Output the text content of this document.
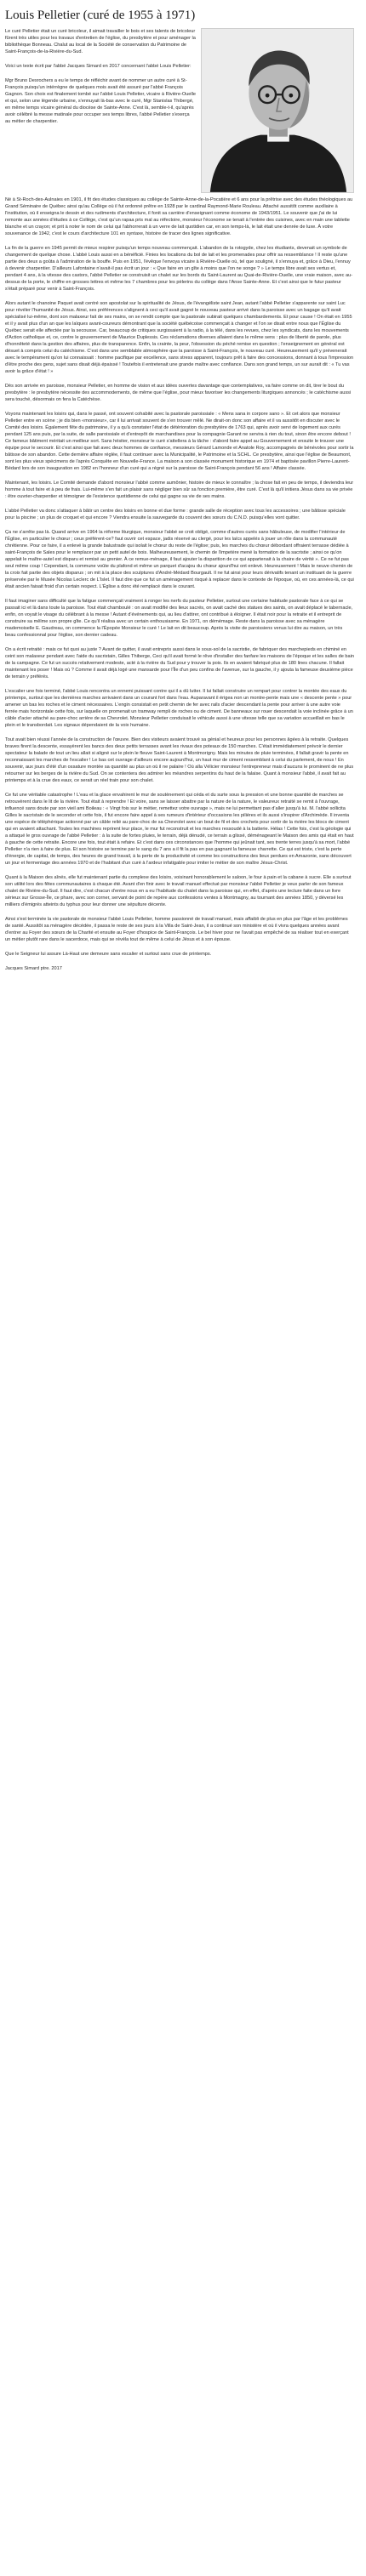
Louis Pelletier (curé de 1955 à 1971)

Le curé Pelletier était un curé bricoleur, il aimait travailler le bois et ses talents de bricoleur fûrent très utiles pour les travaux d'entretien de l'église, du presbytère et pour aménager la bibliothèque Bonneau. Chalut au local de la Société de conservation du Patrimoine de Saint-François-de-la-Rivière-du-Sud.

Voici un texte écrit par l'abbé Jacques Simard en 2017 concernant l'abbé Louis Pelletier:

Mgr Bruno Desrochers a eu le temps de réfléchir avant de nommer un autre curé à St-François puisqu'un intérrègne de quelques mois avait été assuré par l'abbé François Gagnon. Son choix est finalement tombé sur l'abbé Louis Pelletier, vicaire à Rivière-Ouelle et qui, selon une légende urbaine, s'ennuyait là-bas avec le curé, Mgr Stanislas Thibergé, en même temps vicaire général du diocèse de Sainte-Anne. C'est là, semble-t-il, qu'après avoir célébré la messe matinale pour occuper ses temps libres, l'abbé Pelletier s'exerça au métier de charpentier.

Né à St-Roch-des-Aulnaies en 1901, il fit des études classiques au collège de Sainte-Anne-de-la-Pocatière et 6 ans pour la prêtrise avec des études théologiques au Grand Séminaire de Québec ainsi qu'au Collège où il fut ordonné prêtre en 1928 par le cardinal Raymond-Marie Rouleau. Attaché aussitôt comme auxiliaire à l'institution, où il enseigna le dessin et des rudiments d'architecture, il fonit sa carrière d'enseignant comme économe de 1943/1951. Le souvenir que j'ai de lui remonte aux années d'études à ce Collège, c'est qu'un rapaa pris mal au réfectoire, monsieur l'économe se tenait à l'entrée des cuisines, avec en main une tablette blanche et un crayon; et prit à noter le nom de celui qui l'abhorrerait à un verre de lait quotidien car, en son temps-là, le lait était une denrée de luxe. À votre souvenance de 1942, c'est le cours d'architecture 101 en syntaxe, histoire de tracer des lignes significative.

La fin de la guerre en 1945 permit de mieux respirer puisqu'un temps nouveau commençait. L'abandon de la rotogyde, chez les étudiants, devenait un symbole de changement de quelque chose. L'abbé Louis aussi en a bénéficié. Finies les locations du bol de lait et les promenades pour offrir sa ressemblance ! Il reste qu'une partie des deux a goûta à l'admiration de la bouffe. Puis en 1951, l'évêque l'envoya vicaire à Rivière-Ouelle où, tel que souligné, il s'ennuya et, grâce à Dieu, l'ennuy à devenir charpentier. D'ailleurs Lafontaine n'avait-il pas écrit un jour : « Que faire en un gîte à moins que l'on ne songe ? » Le temps libre avait ses vertus et, pendant 4 ans, à la vitesse des castors, l'abbé Pelletier se construisit un chalet sur les bords du Saint-Laurent au Quai-de-Rivière-Ouelle, une vraie maison, avec au-dessus de la porte, le chiffre en grosses lettres et même les 7 chambres pour les pèlerins du collège dans l'Anse Sainte-Anne. Et c'est ainsi que le futur pasteur s'était préparé pour venir à Saint-François.

Alors autant le chanoine Paquet avait centré son apostolat sur la spiritualité de Jésus, de l'évangéliste saint Jean, autant l'abbé Pelletier s'apparente sur saint Luc pour révéler l'humanité de Jésus. Ainsi, ses préférences s'alignent à ceci qu'il avait gagné le nouveau pasteur arrivé dans la paroisse avec un bagage qu'il avait spécialisé lui-même, dont son malaxeur fait de ses mains, on se rendit compte que la pastorale subirait quelques chambardements. Et pour cause ! On était en 1955 et il y avait plus d'un an que les laïques avant-coureurs démontrant que la société québécoise commençait à changer et l'on se disait entre nous que l'Église du Québec serait elle affectée par la secousse. Car, beaucoup de critiques surgissaient à la radio, à la télé, dans les revues, chez les syndicats, dans les mouvements d'Action catholique et, ce, contre le gouvernement de Maurice Duplessis. Ces réclamations diverses allaient dans le même sens : plus de liberté de parole, plus d'honnêteté dans la gestion des affaires, plus de transparence. Enfin, la crainte, la peur, l'obsession du péché remise en question ; l'enseignement en général est désuet à compris celui du catéchisme. C'est dans une semblable atmosphère que la paroisse à Saint-François, le nouveau curé. Heureusement qu'il y prévenerait avec le tempérament qu'on lui connaissait : homme pacifique par excellence, sans stress apparent, toujours prêt à faire des concessions, donnant à tous l'impression d'être proche des gens, sujet sans disait déjà épaissé ! Toutefois il entretenait une grande maître avec confiance. Dans son grand temps, un sur aurait dit : « Tu vas avoir la grâce d'état ! »

Dès son arrivée en paroisse, monsieur Pelletier, en homme de vision et aux idées ouvertes davantage que contemplatives, va faire comme on dit, tirer le bout du presbytère : le presbytère nécessite des accommodements, de même que l'église, pour mieux favoriser les changements liturgiques annoncés ; le catéchisme aussi sera touché, désormais on fera la Catéchèse.

Voyons maintenant les loisirs qui, dans le passé, ont souvent cohabité avec la pastorale paroissiale : « Mens sana in corpore sano ». Et cet alors que monsieur Pelletier entre en scène ; je dis bien «monsieur», car il lui arrivait souvent de s'en trouver mêlé. Ne dirait-on donc son affaire et il va aussitôt en discuter avec le Comité des loisirs. Également fête du patrimoine, il y a qu'à constater l'état de détérioration du presbytère de 1763 qui, après avoir servi de logement aux curés pendant 125 ans puis, par la suite, de salle paroissiale et d'entrepôt de marchandises pour la compagnie Garant ne servira à rien du tout, sinon être encore debout ! Ce fameux bâtiment méritait un meilleur sort. Sans hésiter, monsieur le curé s'attellera à la tâche : d'abord faire appel au Gouvernement et ensuite le trouver une équipe pour le secourir. Et c'est ainsi que fait avec deux hommes de confiance, messieurs Gérard Lamonde et Anatole Roy, accompagnés de bénévoles pour sortir la bâtisse de son abandon. Cette dernière affaire réglée, il faut continuer avec la Municipalité, le Patrimoine et la SCHL. Ce presbytère, ainsi que l'église de Beaumont, sont les plus vieux spécimens de l'après Conquête en Nouvelle-France. La maison a son classée monument historique en 1974 et baptisée pavillon Pierre-Laurent-Bédard lors de son inauguration en 1982 en l'honneur d'un curé qui a régné sur la paroisse de Saint-François pendant 56 ans ! Affaire classée.

Maintenant, les loisirs. Le Comité demande d'abord monsieur l'abbé comme aumônier, histoire de mieux le connaître ; la chose fait en peu de temps, il deviendra leur homme à tout faire et à peu de frais. Lui-même s'en fait un plaisir sans négliger bien sûr sa fonction première, être curé. C'est là qu'il initiera Jésus dans sa vie privée : être ouvrier-charpentier et témoigner de l'existence quotidienne de celui qui gagne sa vie de ses mains.

L'abbé Pelletier va donc s'attaquer à bâtir un centre des loisirs en bonne et due forme : grande salle de réception avec tous les accessoires ; une bâtisse spéciale pour la piscine ; un plus de croquet et qui encore ? Viendra ensuite la sauvegarde du couvent des sœurs du C.N.D. puisqu'elles vont quitter.

Ça ne s'arrête pas là. Quand arrive en 1964 la réforme liturgique, monsieur l'abbé se croit obligé, comme d'autres curés sans hâbuleuse, de modifier l'intérieur de l'Église, en particulier le chœur ; ceux préférent-ce? faut ouvrir cet espace, jadis réservé au clergé, pour les laïcs appelés à jouer un rôle dans la communauté chrétienne. Pour ce faire, il a enlevé la grande balustrade qui isolait le chœur du reste de l'église; puis, les marches du chœur débordant offraient terrasse dédiée à saint-François de Sales pour le remplacer par un petit autel de bois. Malheureusement, le chemin de l'impetère mené la formation de la sacristie ; ainsi ce qu'on appelait le maître-autel est disparu et remisé au grenier. À ce remue-ménage, il faut ajouter la disparition de ce qui appartenait à la chaire de vérité ». Ce ne fut pas seul même coup ! Cependant, la commune voûte du plafond et même un parquet d'acajou du chœur ajourd'hui ont enlevé. Heureusement ! Mais le neuve chemin de la croix fait partie des objets disparus ; on mit à la place des sculptures d'André-Médard Bourgault. Il ne fut ainsi pour leurs dérivatifs tenant un instituant de la guerre préservée par le Musée Nicolas Leclerc de L'Islet. Il faut dire que ce fut un aménagement risqué à replacer dans le contexte de l'époque, où, en ces années-là, ce qui était ancien faisait froid d'un certain respect. L'Église a donc été remplacé dans le courant.

Il faut imaginer sans difficulté que la fatigue commençait vraiment à ronger les nerfs du pasteur Pelletier, surtout une certaine habitude pastorale face à ce qui se passait ici et là dans toute la paroisse. Tout était chamboulé : on avait modifié des lieux sacrés, on avait caché des statues des saints, on avait déplacé le tabernacle, enfin, on voyait le visage du célébrant à la messe ! Autant d'événements qui, au lieu d'attirer, ont contribué à éloigner. Il était noir pour la retraite et il entreprit de construire sa mêlme son propre gîte. Ce qu'il réalisa avec un certain enthousiasme. En 1971, on démémage. Reste dans la paroisse avec sa ménagère mademoiselle E. Gaudreau, on commence la l'Épopée Monsieur le curé ! Le lait en dit beaucoup. Après la visite de paroissiens venus lui dire au maison, un très beau confessionnal pour l'église, son dernier cadeau.

On a écrit retraité : mais ce fut quoi au juste ? Avant de quitter, il avait entrepris aussi dans le sous-sol de la sacristie, de fabriquer des marchepieds en chiminé en ceint son malaxeur pendant avec l'aide du sacristain, Gilles Thiberge, Ceci qu'il avait formé le rêve d'installer des fanfare les maisons de l'époque et les salles de bain de la campagne. Ce fut un succès relativement modeste, acté à la rivière du Sud pour y trouver la pois. Ils en avaient fabriqué plus de 180 lines chacune. Il fallait maintenant les poser ! Mais où ? Comme il avait déjà logé une mansarde pour l'Île d'un peu confins de l'avenue, sur la gauche, il y ajouta la fameuse deuxième pièce de terrain y préférés.

L'escalier une fois terminé, l'abbé Louis rencontra un ennemi puissant contre qui il a dû lutter. Il lui fallait construire un rempart pour contrer la montée des eaux du printemps, surtout que les dernières marches arrivaient dans un courant fort dans l'eau. Auparavant il érigea non un montre-pente mais une « descente pente » pour amener un bas les roches et le ciment nécessaires. L'engin consistait en petit chemin de fer avec rails d'acier descendant la pente pour arriver à une autre voie ferrée mais horizontale cette fois, sur laquelle on promenait un tramway rempli de roches ou de ciment. De banneaux sur rouer descendait la voie inclinée grâce à un câble d'acier attaché au pare-choc arrière de sa Chevrolet. Monsieur Pelletier conduisait le véhicule aussi à une vitesse telle que sa variation accueillait en bas le plein et le transbordait. Les signaux dépendaient de la voix humaine.

Tout avait bien réussi l'année de la construction de l'œuvre. Bien des visiteurs avaient trouvé sa génial et heureux pour les personnes âgées à la retraite. Quelques braves firent la descente, essayèrent les bancs des deux petits terrasses avant les rivaux des poteaux de 150 marches. C'était immédiatement prévoir le dernier spectateur la balade de tout un lieu allait si aligné sur le plein le fleuve Saint-Laurent à Montmorigny. Mais les minutes de pluie terminées, il fallait gravir la pente en reconnaissant les marches de l'escalier ! Le bas cet ouvrage d'ailleurs encore aujourd'hui, un haut mur de ciment ressemblant à celui du parlement, de nous ! En souvenir, aux jours d'été d'un ossature montée sa quantité au plus un où il ne palaire ! Où alla Vélicier monsieur l'entrepreneur mais d'aucuns le prominent de ne plus retourner sur les berges de la rivière du Sud. On se contentera des admirer les méandres serpentins du haut de la falaise. Quant à monsieur l'abbé, il avait fait au printemps et à la crue des eaux, ce serait un réel train pour son chalet.

Ce fut une véritable catastrophe ! L'eau et la glace envahirent le mur de soutènement qui céda et du surte sous la pression et une bonne quantité de marches se retrouvèrent dans le lit de la rivière. Tout était à reprendre ! Et voire, sans se laisser abattre par la nature de la nature, le valeureux retraité se remit à l'ouvrage, influencé sans doute par son vieil ami Boileau : « Vingt fois sur le métier, remettez votre ouvrage », mais ne lui permettant pas d'aller jusqu'à lui. M. l'abbé sollicita Gilles le sacristain de le seconder et cette fois, il fut encore faire appel à ses rumeurs d'intérieur d'occasions les pilières et ils aussi s'inspirer d'Archimède. Il inventa une espèce de téléphérique actionné par un câble relié au pare-choc de sa Chevrolet avec un bout de fil et des crochets pour sortir de la rivière les blocs de ciment qui en avaient attachant. Toutes les machines reprirent leur place, le mur fut reconstruit et les marches ressoudé à la batterie. Hélas ! Cette fois, c'est la géologie qui a attaqué le gros ouvrage de l'abbé Pelletier : à la suite de fortes pluies, le terrain, déjà dénudé, ce terrain a glissé, déménageant le Maison des amis qui était en haut à gauche de cette retraite. Encore une fois, tout était à refaire. Et c'est dans ces circonstances que l'homme qui jeûnait tant, ses trente terres jusqu'à sa mort, l'abbé Pelletier n'a rien à faire de plus. Et son histoire se termine par le sang du 7 ans a il fit la pas en pas gagnant la fameuse charrette. Ce qui est triste, c'est la perte d'énergie, de capital, de temps, des heures de grand travail, à la perte de la productivité et comme les constructions des lieux perdues en Amazonie, sans découvert un jour et fermentage des années 1970 et de l'habitant d'un curé à l'ardeur infatigable pour imiter le métier de son maître Jésus-Christ.

Quant à la Maison des aînés, elle fut maintenant partie du complexe des loisirs, voisinant honorablement le saloon, le four à pain et la cabane à sucre. Elle a surtout son utilité lors des fêtes communautaires à chaque été. Avant d'en finir avec le travail manuel effectué par monsieur l'abbé Pelletier je veux parler de son fameux chalet de Rivière-du-Sud. Il faut dire, c'est chacun d'entre nous en a eu l'habitude du chalet dans la paroisse qui, en effet, d'après une lecture faite dans un livre sérieux sur Grosse-Île, ce phare, avec son corner, servant de point de repère aux confessions ventes à Montmagny, au tournant des années 1850, y déversé les milliers d'émigrés atteints du typhus pour leur donner une sépulture décente.

Ainsi s'est terminée la vie pastorale de monsieur l'abbé Louis Pelletier, homme passionné de travail manuel, mais affaibli de plus en plus par l'âge et les problèmes de santé. Aussitôt sa ménagère décédée, il passa le reste de ses jours à la Villa de Saint-Jean, il a continué son ministère et où il vivra quelques années avant d'entrer au Foyer des sœurs de la Charité et ensuite au Foyer d'hospice de Saint-François. Le bel hiver pour ne l'avait pas empêché de sa réaliser tout en exerçant un métier plutôt rare dans le sacerdoce, mais qui se révéla tout de même à celui de Jésus et à son épouse.

Que le Seigneur lui assure Là-Haut une demeure sans escalier et surtout sans crue de printemps.

Jacques Simard ptre. 2017
